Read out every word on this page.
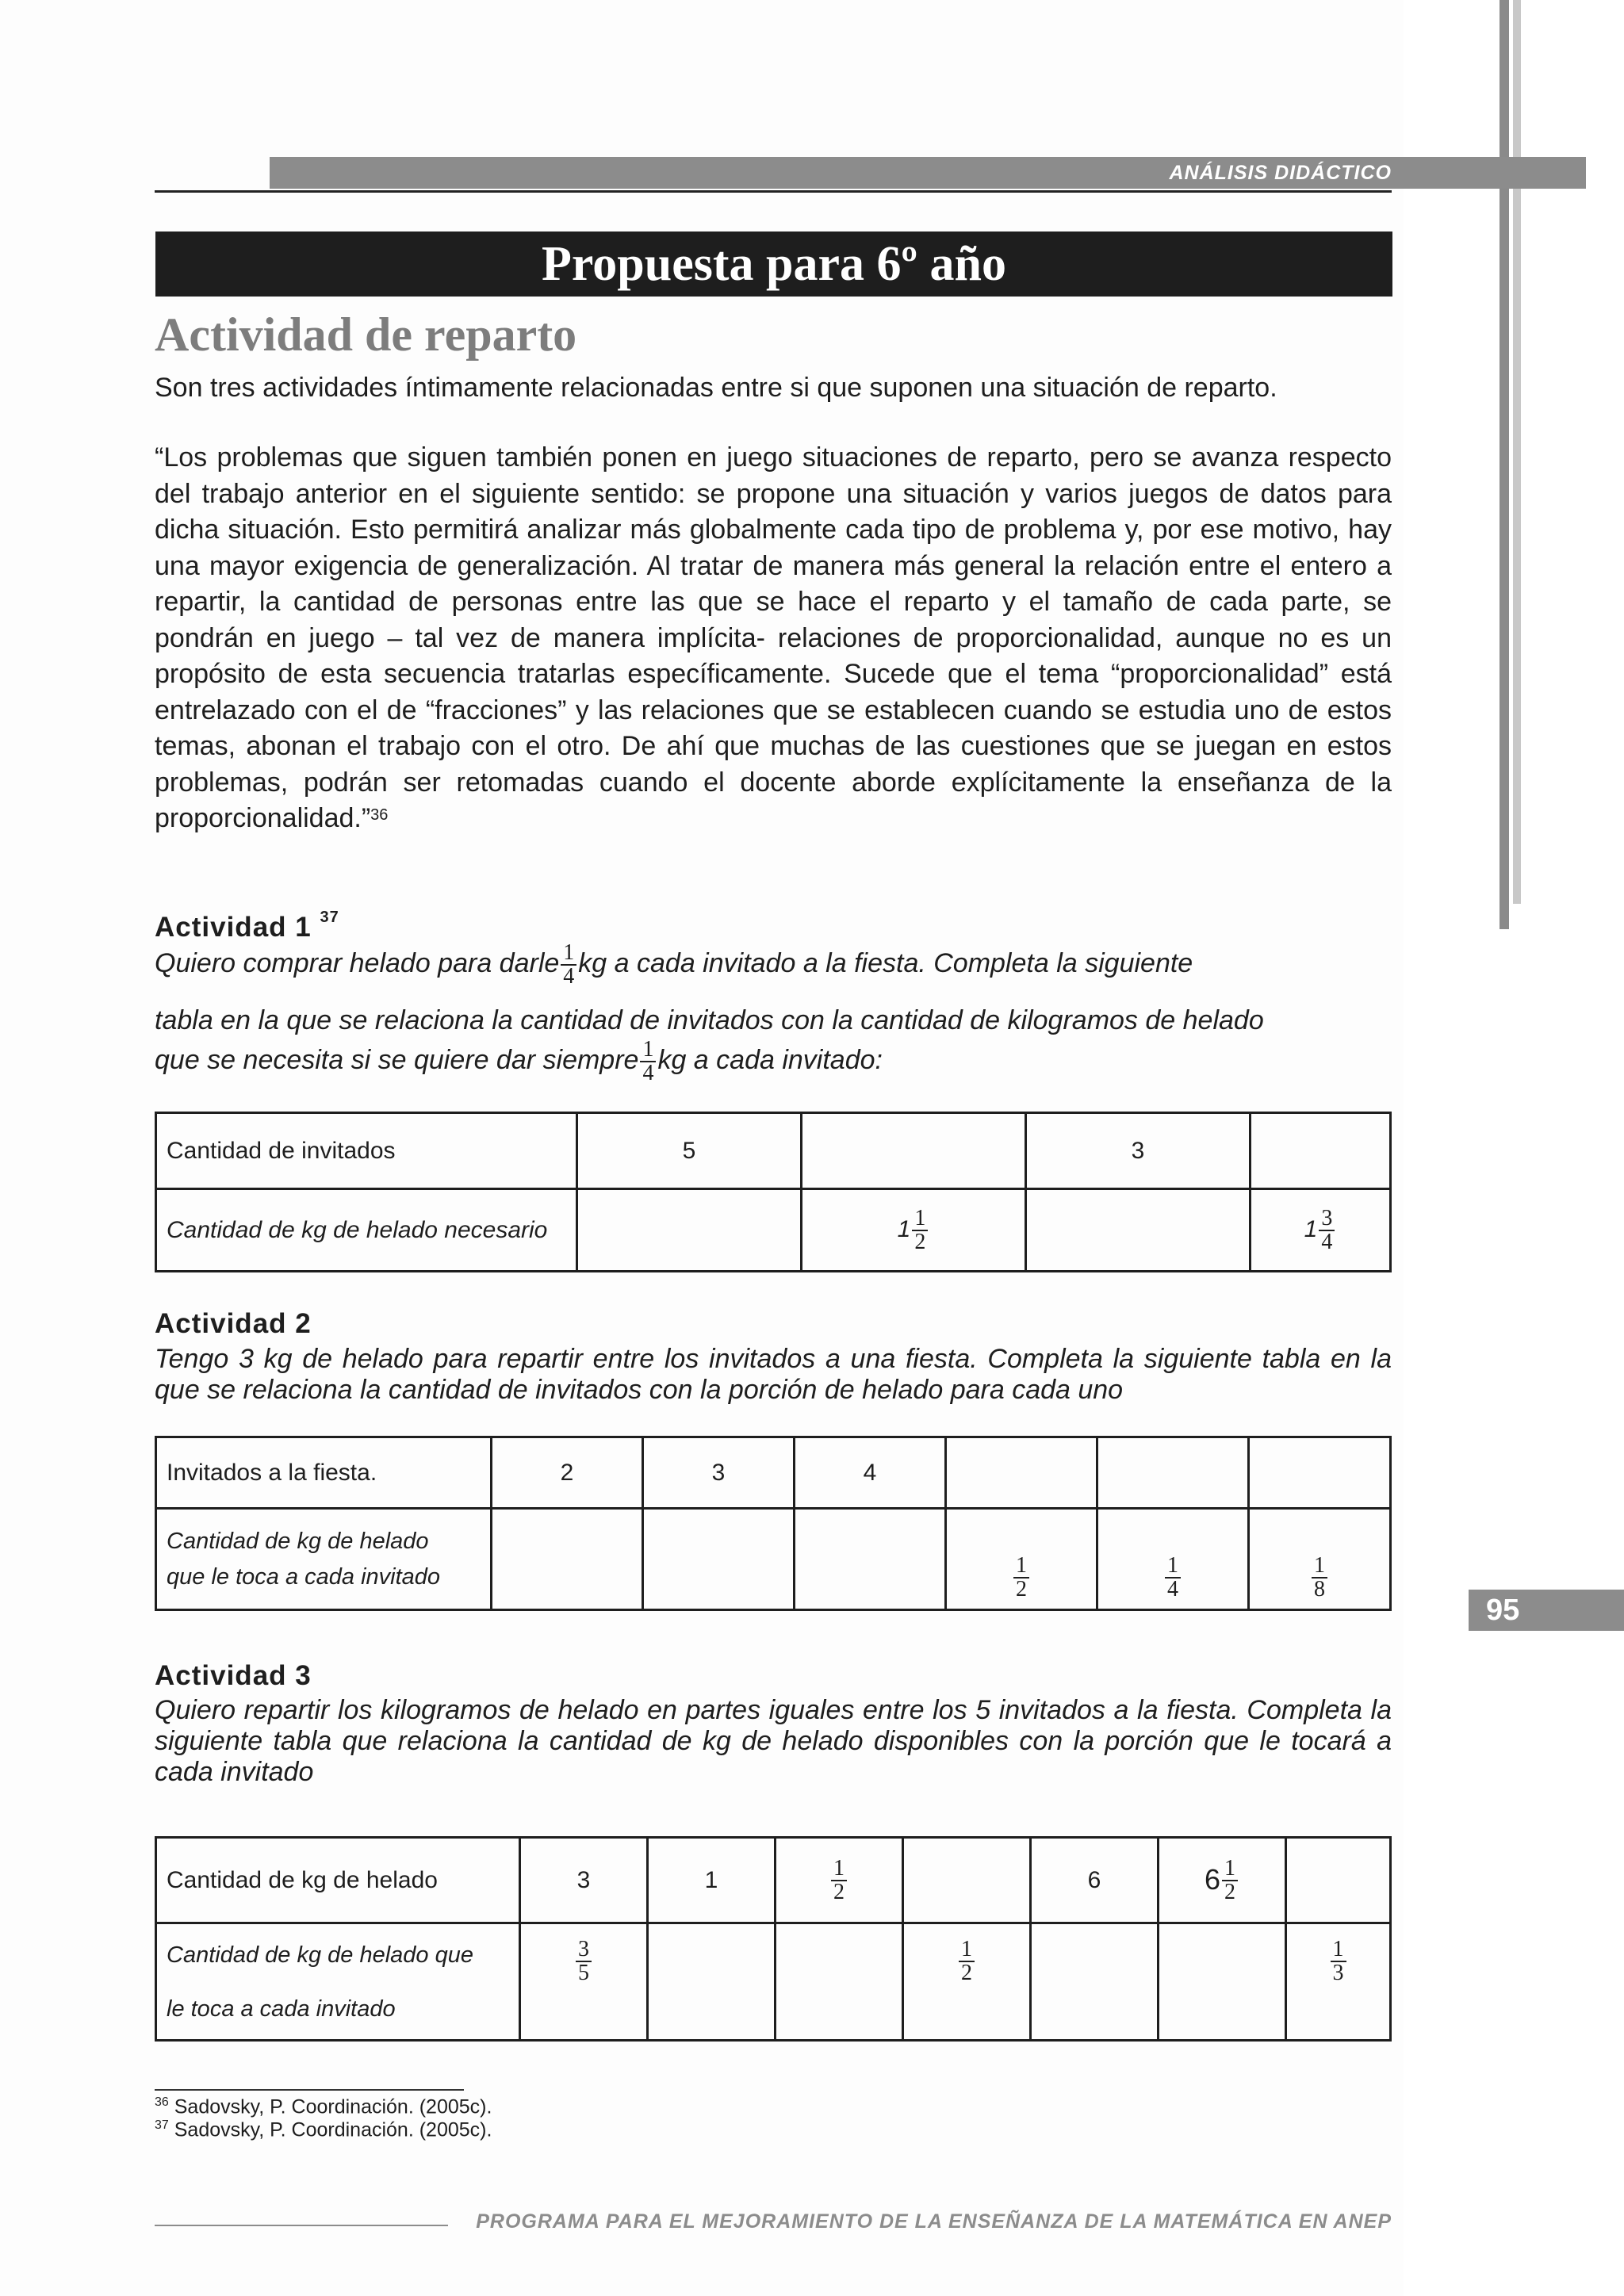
ANÁLISIS DIDÁCTICO
Propuesta para 6º año
Actividad de reparto
Son tres actividades íntimamente relacionadas entre si que suponen una situación de reparto.
“Los problemas que siguen también ponen en juego situaciones de reparto, pero se avanza respecto del trabajo anterior en el siguiente sentido: se propone una situación y varios juegos de datos para dicha situación. Esto permitirá analizar más globalmente cada tipo de problema y, por ese motivo, hay una mayor exigencia de generalización. Al tratar de manera más general la relación entre el entero a repartir, la cantidad de personas entre las que se hace el reparto y el tamaño de cada parte, se pondrán en juego – tal vez de manera implícita- relaciones de proporcionalidad, aunque no es un propósito de esta secuencia tratarlas específicamente. Sucede que el tema “proporcionalidad” está entrelazado con el de “fracciones” y las relaciones que se establecen cuando se estudia uno de estos temas, abonan el trabajo con el otro. De ahí que muchas de las cuestiones que se juegan en estos problemas, podrán ser retomadas cuando el docente aborde explícitamente la enseñanza de la proporcionalidad.”$^{36}$
Actividad 1 $^{37}$
Quiero comprar helado para darle $\frac{1}{4}$ kg a cada invitado a la fiesta. Completa la siguiente
tabla en la que se relaciona la cantidad de invitados con la cantidad de kilogramos de helado
que se necesita si se quiere dar siempre $\frac{1}{4}$ kg a cada invitado:
Cantidad de invitados	5		3	
Cantidad de kg de helado necesario		$1 \frac{1}{2}$		$1 \frac{3}{4}$
Actividad 2
Tengo 3 kg de helado para repartir entre los invitados a una fiesta. Completa la siguiente tabla en la que se relaciona la cantidad de invitados con la porción de helado para cada uno
Invitados a la fiesta.	2	3	4			
Cantidad de kg de helado
que le toca a cada invitado				$\frac{1}{2}$	$\frac{1}{4}$	$\frac{1}{8}$
95
Actividad 3
Quiero repartir los kilogramos de helado en partes iguales entre los 5 invitados a la fiesta. Completa la siguiente tabla que relaciona la cantidad de kg de helado disponibles con la porción que le tocará a cada invitado
Cantidad de kg de helado	3	1	$\frac{1}{2}$		6	$6 \frac{1}{2}$

Cantidad de kg de helado que
le toca a cada invitado	$\frac{3}{5}$			$\frac{1}{2}$			$\frac{1}{3}$
$^{36}$ Sadovsky, P. Coordinación. (2005c).
$^{37}$ Sadovsky, P. Coordinación. (2005c).
PROGRAMA PARA EL MEJORAMIENTO DE LA ENSEÑANZA DE LA MATEMÁTICA EN ANEP
